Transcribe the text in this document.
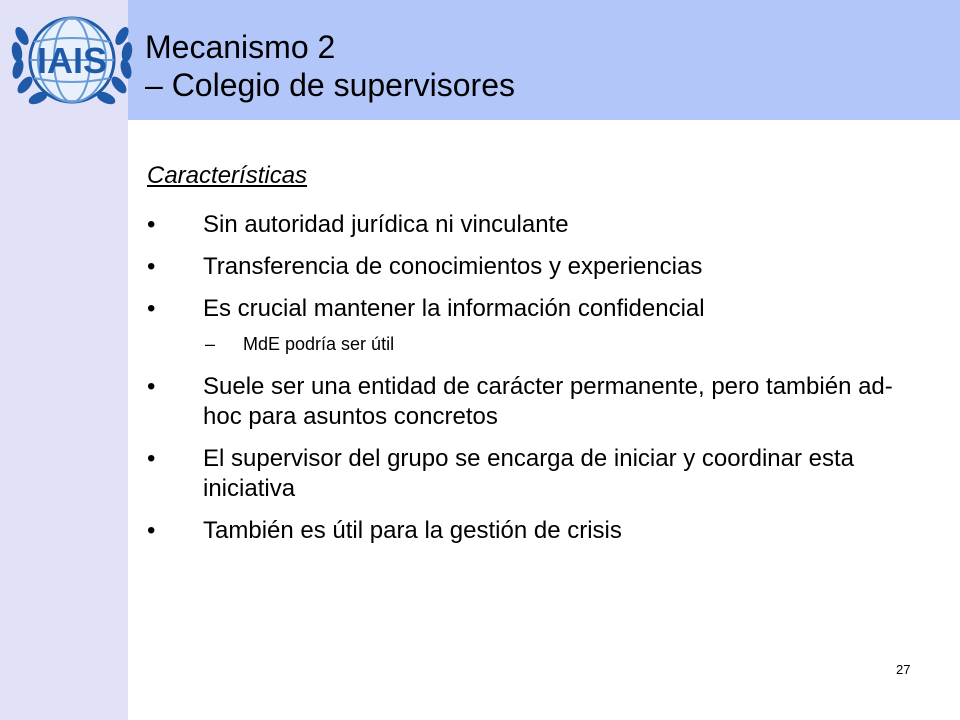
IAIS Mecanismo 2
– Colegio de supervisores
Características
•	Sin autoridad jurídica ni vinculante
•	Transferencia de conocimientos y experiencias
•	Es crucial mantener la información confidencial
– MdE podría ser útil
•	Suele ser una entidad de carácter permanente, pero también ad-hoc para asuntos concretos
•	El supervisor del grupo se encarga de iniciar y coordinar esta iniciativa
•	También es útil para la gestión de crisis
27
